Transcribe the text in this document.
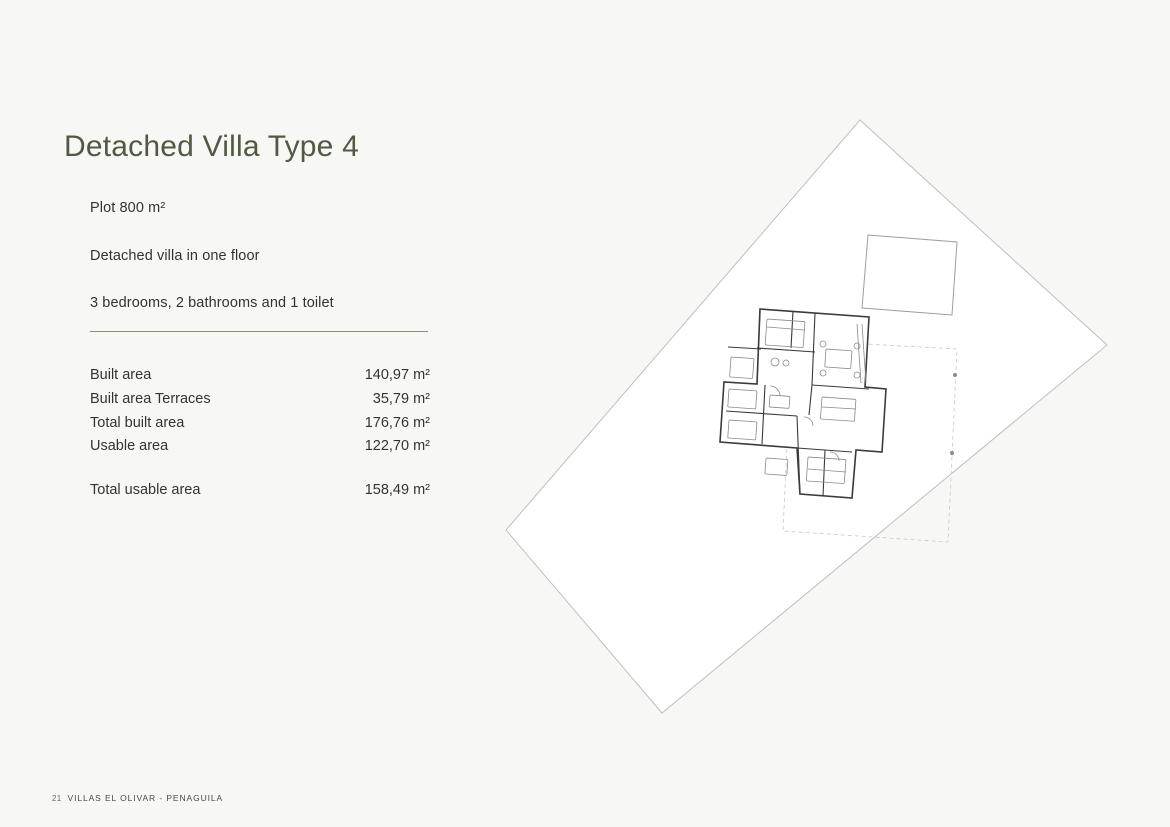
Detached Villa Type 4
Plot 800 m²
Detached villa in one floor
3 bedrooms, 2 bathrooms and 1 toilet
Built area	140,97 m²
Built area Terraces	35,79 m²
Total built area	176,76 m²
Usable area	122,70 m²
Total usable area	158,49 m²
21 VILLAS EL OLIVAR - PENAGUILA
